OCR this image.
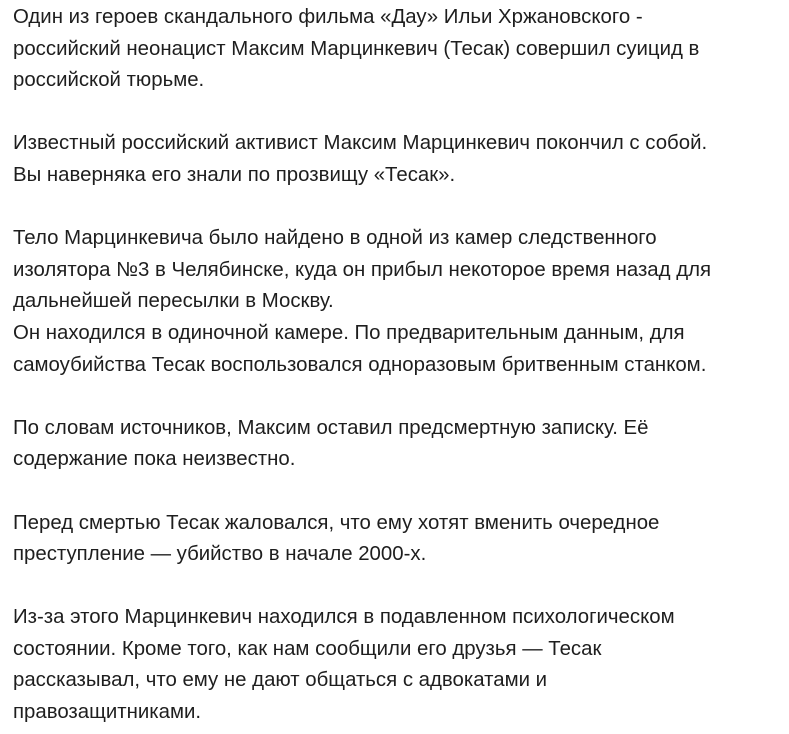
Один из героев скандального фильма «Дау» Ильи Хржановского -
российский неонацист Максим Марцинкевич (Тесак) совершил суицид в
российской тюрьме.

Известный российский активист Максим Марцинкевич покончил с собой.
Вы наверняка его знали по прозвищу «Тесак».

Тело Марцинкевича было найдено в одной из камер следственного
изолятора №3 в Челябинске, куда он прибыл некоторое время назад для
дальнейшей пересылки в Москву.
Он находился в одиночной камере. По предварительным данным, для
самоубийства Тесак воспользовался одноразовым бритвенным станком.

По словам источников, Максим оставил предсмертную записку. Её
содержание пока неизвестно.

Перед смертью Тесак жаловался, что ему хотят вменить очередное
преступление — убийство в начале 2000-х.

Из-за этого Марцинкевич находился в подавленном психологическом
состоянии. Кроме того, как нам сообщили его друзья — Тесак
рассказывал, что ему не дают общаться с адвокатами и
правозащитниками.
